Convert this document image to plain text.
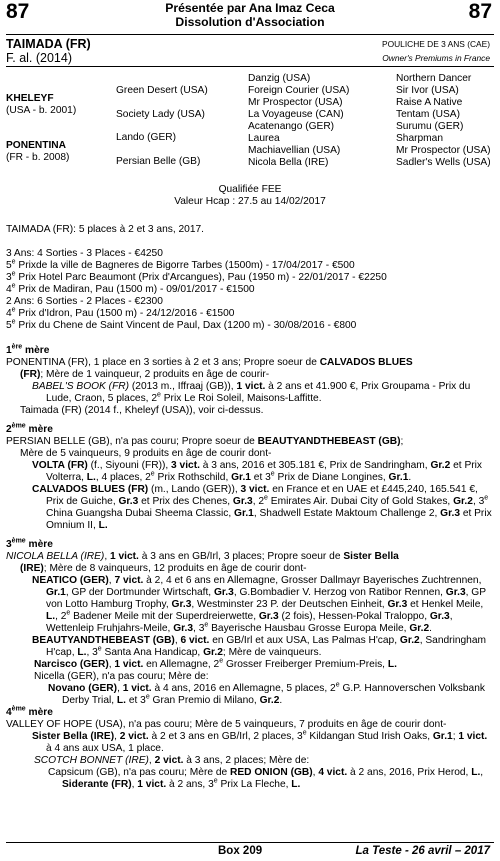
87	87
Présentée par Ana Imaz Ceca
Dissolution d'Association
TAIMADA (FR)
F. al. (2014)
POULICHE DE 3 ANS (CAE)
Owner's Premiums in France
KHELEYF
(USA - b. 2001)
PONENTINA
(FR - b. 2008)
Green Desert (USA)
Society Lady (USA)
Lando (GER)
Persian Belle (GB)
Danzig (USA)
Foreign Courier (USA)
Mr Prospector (USA)
La Voyageuse (CAN)
Acatenango (GER)
Laurea
Machiavellian (USA)
Nicola Bella (IRE)
Northern Dancer
Sir Ivor (USA)
Raise A Native
Tentam (USA)
Surumu (GER)
Sharpman
Mr Prospector (USA)
Sadler's Wells (USA)
Qualifiée FEE
Valeur Hcap : 27.5 au 14/02/2017

TAIMADA (FR): 5 places à 2 et 3 ans, 2017.

3 Ans: 4 Sorties - 3 Places - €4250

5e Prixde la ville de Bagneres de Bigorre Tarbes (1500m) - 17/04/2017 - €500

3e Prix Hotel Parc Beaumont (Prix d'Arcangues), Pau (1950 m) - 22/01/2017 - €2250

4e Prix de Madiran, Pau (1500 m) - 09/01/2017 - €1500

2 Ans: 6 Sorties - 2 Places - €2300

4e Prix d'Idron, Pau (1500 m) - 24/12/2016 - €1500

5e Prix du Chene de Saint Vincent de Paul, Dax (1200 m) - 30/08/2016 - €800

1ère mère

PONENTINA (FR), 1 place en 3 sorties à 2 et 3 ans; Propre soeur de CALVADOS BLUES

(FR); Mère de 1 vainqueur, 2 produits en âge de courir-

BABEL'S BOOK (FR) (2013 m., Iffraaj (GB)), 1 vict. à 2 ans et 41.900 €, Prix Groupama - Prix du Lude, Craon, 5 places, 2e Prix Le Roi Soleil, Maisons-Laffitte.

Taimada (FR) (2014 f., Kheleyf (USA)), voir ci-dessus.

2ème mère

PERSIAN BELLE (GB), n'a pas couru; Propre soeur de BEAUTYANDTHEBEAST (GB);

Mère de 5 vainqueurs, 9 produits en âge de courir dont-

VOLTA (FR) (f., Siyouni (FR)), 3 vict. à 3 ans, 2016 et 305.181 €, Prix de Sandringham, Gr.2 et Prix Volterra, L., 4 places, 2e Prix Rothschild, Gr.1 et 3e Prix de Diane Longines, Gr.1.

CALVADOS BLUES (FR) (m., Lando (GER)), 3 vict. en France et en UAE et £445,240, 165.541 €, Prix de Guiche, Gr.3 et Prix des Chenes, Gr.3, 2e Emirates Air. Dubai City of Gold Stakes, Gr.2, 3e China Guangsha Dubai Sheema Classic, Gr.1, Shadwell Estate Maktoum Challenge 2, Gr.3 et Prix Omnium II, L.

3ème mère

NICOLA BELLA (IRE), 1 vict. à 3 ans en GB/Irl, 3 places; Propre soeur de Sister Bella

(IRE); Mère de 8 vainqueurs, 12 produits en âge de courir dont-

NEATICO (GER), 7 vict. à 2, 4 et 6 ans en Allemagne, Grosser Dallmayr Bayerisches Zuchtrennen, Gr.1, GP der Dortmunder Wirtschaft, Gr.3, G.Bombadier V. Herzog von Ratibor Rennen, Gr.3, GP von Lotto Hamburg Trophy, Gr.3, Westminster 23 P. der Deutschen Einheit, Gr.3 et Henkel Meile, L., 2e Badener Meile mit der Superdreierwette, Gr.3 (2 fois), Hessen-Pokal Traloppo, Gr.3, Wettenleip Fruhjahrs-Meile, Gr.3, 3e Bayerische Hausbau Grosse Europa Meile, Gr.2.

BEAUTYANDTHEBEAST (GB), 6 vict. en GB/Irl et aux USA, Las Palmas H'cap, Gr.2, Sandringham H'cap, L., 3e Santa Ana Handicap, Gr.2; Mère de vainqueurs.

Narcisco (GER), 1 vict. en Allemagne, 2e Grosser Freiberger Premium-Preis, L.

Nicella (GER), n'a pas couru; Mère de:

Novano (GER), 1 vict. à 4 ans, 2016 en Allemagne, 5 places, 2e G.P. Hannoverschen Volksbank Derby Trial, L. et 3e Gran Premio di Milano, Gr.2.

4ème mère

VALLEY OF HOPE (USA), n'a pas couru; Mère de 5 vainqueurs, 7 produits en âge de courir dont-

Sister Bella (IRE), 2 vict. à 2 et 3 ans en GB/Irl, 2 places, 3e Kildangan Stud Irish Oaks, Gr.1; 1 vict. à 4 ans aux USA, 1 place.

SCOTCH BONNET (IRE), 2 vict. à 3 ans, 2 places; Mère de:

Capsicum (GB), n'a pas couru; Mère de RED ONION (GB), 4 vict. à 2 ans, 2016, Prix Herod, L., Siderante (FR), 1 vict. à 2 ans, 3e Prix La Fleche, L.

Box 209	La Teste - 26 avril – 2017
